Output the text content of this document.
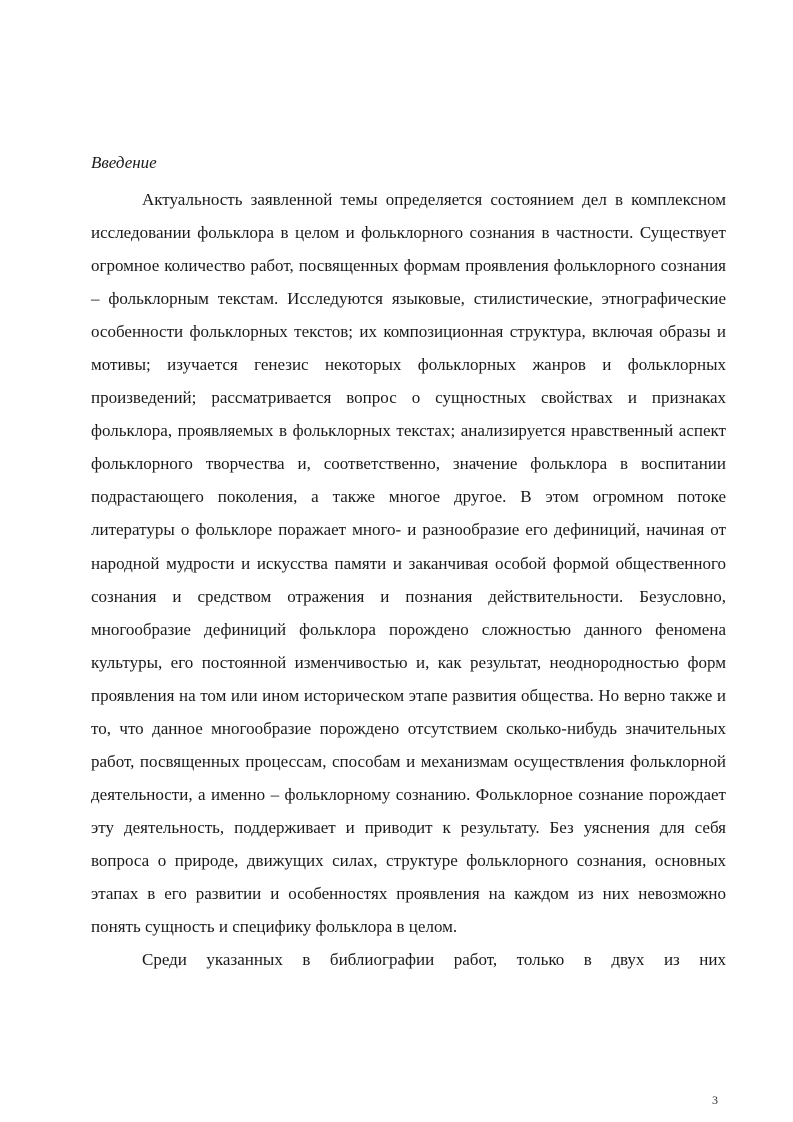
Введение

Актуальность заявленной темы определяется состоянием дел в комплексном исследовании фольклора в целом и фольклорного сознания в частности. Существует огромное количество работ, посвященных формам проявления фольклорного сознания – фольклорным текстам. Исследуются языковые, стилистические, этнографические особенности фольклорных текстов; их композиционная структура, включая образы и мотивы; изучается генезис некоторых фольклорных жанров и фольклорных произведений; рассматривается вопрос о сущностных свойствах и признаках фольклора, проявляемых в фольклорных текстах; анализируется нравственный аспект фольклорного творчества и, соответственно, значение фольклора в воспитании подрастающего поколения, а также многое другое. В этом огромном потоке литературы о фольклоре поражает много- и разнообразие его дефиниций, начиная от народной мудрости и искусства памяти и заканчивая особой формой общественного сознания и средством отражения и познания действительности. Безусловно, многообразие дефиниций фольклора порождено сложностью данного феномена культуры, его постоянной изменчивостью и, как результат, неоднородностью форм проявления на том или ином историческом этапе развития общества. Но верно также и то, что данное многообразие порождено отсутствием сколько-нибудь значительных работ, посвященных процессам, способам и механизмам осуществления фольклорной деятельности, а именно – фольклорному сознанию. Фольклорное сознание порождает эту деятельность, поддерживает и приводит к результату. Без уяснения для себя вопроса о природе, движущих силах, структуре фольклорного сознания, основных этапах в его развитии и особенностях проявления на каждом из них невозможно понять сущность и специфику фольклора в целом.

Среди указанных в библиографии работ, только в двух из них

3
